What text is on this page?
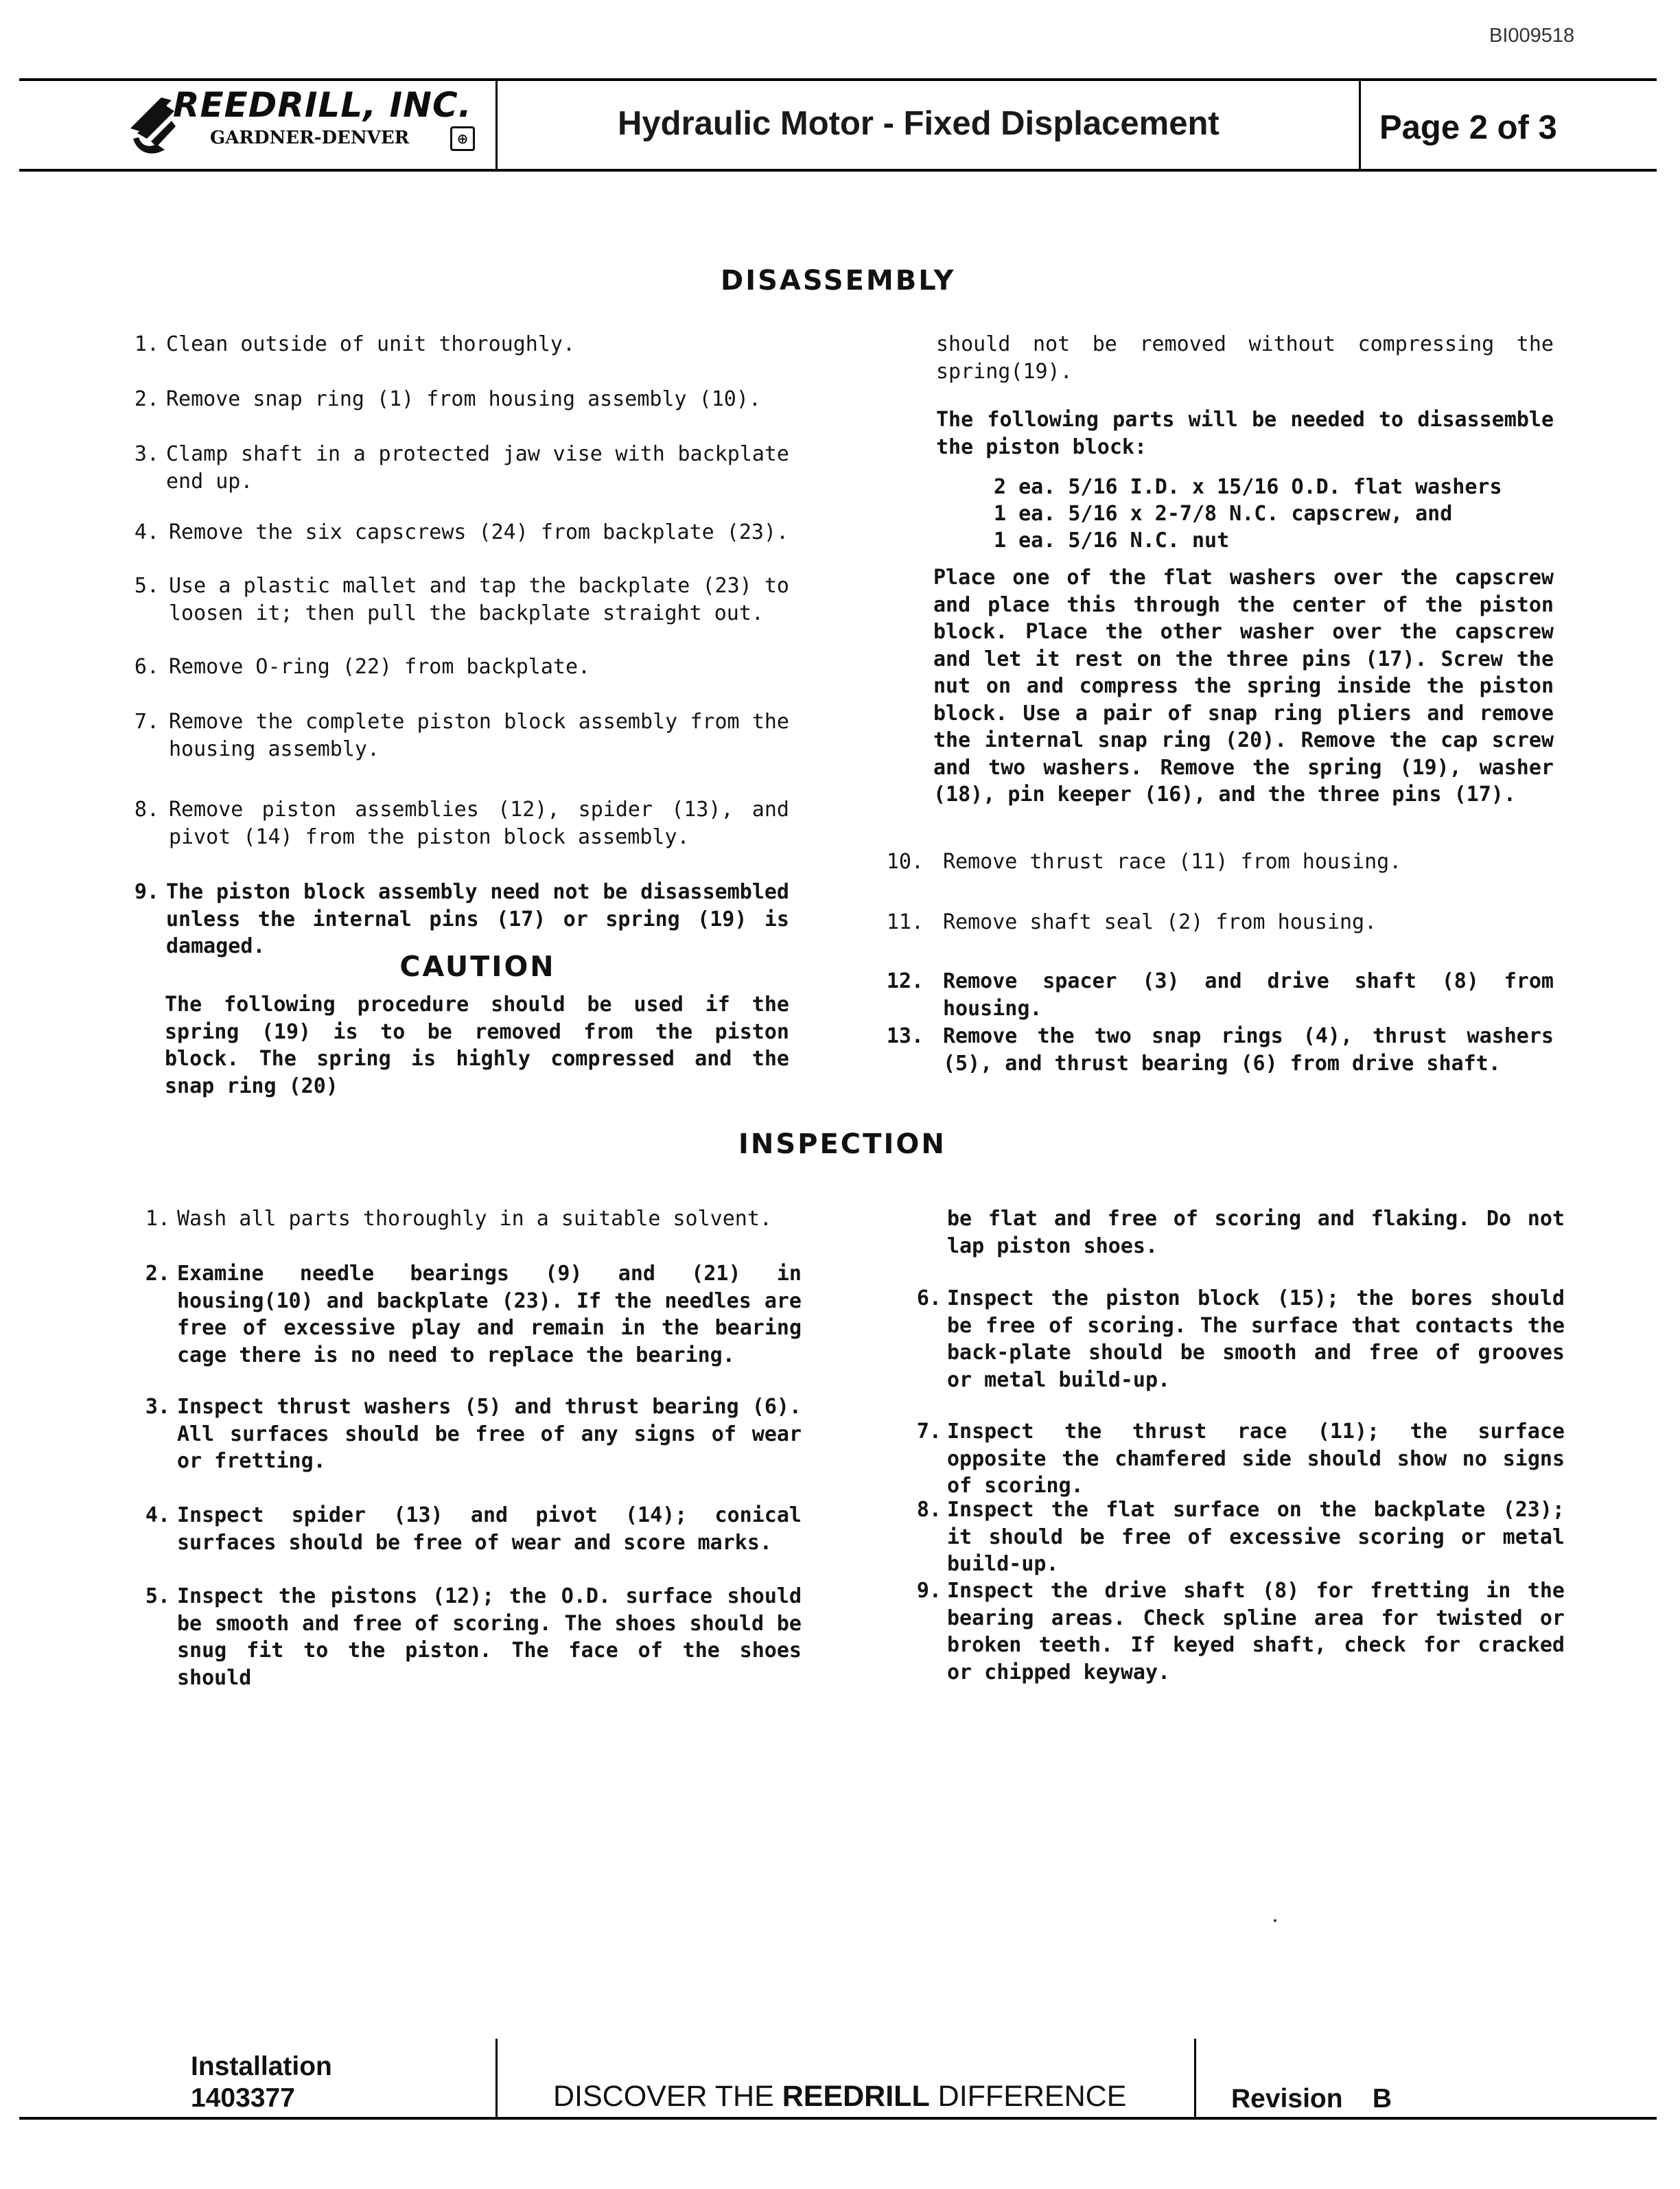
BI009518
REEDRILL, INC.
GARDNER-DENVER	⊕	Hydraulic Motor - Fixed Displacement	Page 2 of 3
DISASSEMBLY
1. Clean outside of unit thoroughly.
2. Remove snap ring (1) from housing assembly (10).
3. Clamp shaft in a protected jaw vise with backplate end up.
4. Remove the six capscrews (24) from backplate (23).
5. Use a plastic mallet and tap the backplate (23) to loosen it; then pull the backplate straight out.
6. Remove O-ring (22) from backplate.
7. Remove the complete piston block assembly from the housing assembly.
8. Remove piston assemblies (12), spider (13), and pivot (14) from the piston block assembly.
9. The piston block assembly need not be disassembled unless the internal pins (17) or spring (19) is damaged.
CAUTION
The following procedure should be used if the spring (19) is to be removed from the piston block. The spring is highly compressed and the snap ring (20)
should not be removed without compressing the spring(19).
The following parts will be needed to disassemble the piston block:
2 ea. 5/16 I.D. x 15/16 O.D. flat washers
1 ea. 5/16 x 2-7/8 N.C. capscrew, and
1 ea. 5/16 N.C. nut
Place one of the flat washers over the capscrew and place this through the center of the piston block. Place the other washer over the capscrew and let it rest on the three pins (17). Screw the nut on and compress the spring inside the piston block. Use a pair of snap ring pliers and remove the internal snap ring (20). Remove the cap screw and two washers. Remove the spring (19), washer (18), pin keeper (16), and the three pins (17).
10. Remove thrust race (11) from housing.
11. Remove shaft seal (2) from housing.
12. Remove spacer (3) and drive shaft (8) from housing.
13. Remove the two snap rings (4), thrust washers (5), and thrust bearing (6) from drive shaft.
INSPECTION
1. Wash all parts thoroughly in a suitable solvent.
2. Examine needle bearings (9) and (21) in housing(10) and backplate (23). If the needles are free of excessive play and remain in the bearing cage there is no need to replace the bearing.
3. Inspect thrust washers (5) and thrust bearing (6). All surfaces should be free of any signs of wear or fretting.
4. Inspect spider (13) and pivot (14); conical surfaces should be free of wear and score marks.
5. Inspect the pistons (12); the O.D. surface should be smooth and free of scoring. The shoes should be snug fit to the piston. The face of the shoes should
be flat and free of scoring and flaking. Do not lap piston shoes.
6. Inspect the piston block (15); the bores should be free of scoring. The surface that contacts the back-plate should be smooth and free of grooves or metal build-up.
7. Inspect the thrust race (11); the surface opposite the chamfered side should show no signs of scoring.
8. Inspect the flat surface on the backplate (23); it should be free of excessive scoring or metal build-up.
9. Inspect the drive shaft (8) for fretting in the bearing areas. Check spline area for twisted or broken teeth. If keyed shaft, check for cracked or chipped keyway.
Installation
1403377	DISCOVER THE REEDRILL DIFFERENCE	Revision B
